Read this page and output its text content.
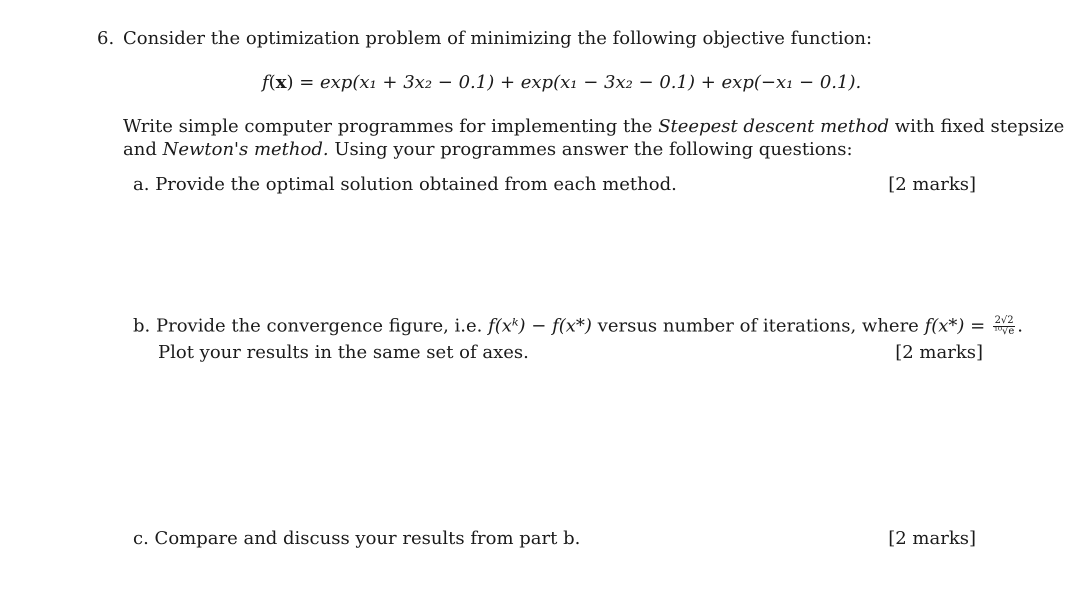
6. Consider the optimization problem of minimizing the following objective function:
f(x) = exp(x₁ + 3x₂ − 0.1) + exp(x₁ − 3x₂ − 0.1) + exp(−x₁ − 0.1).
Write simple computer programmes for implementing the Steepest descent method with fixed stepsize
and Newton's method. Using your programmes answer the following questions:
a. Provide the optimal solution obtained from each method.	[2 marks]
b. Provide the convergence figure, i.e. f(xᵏ) − f(x*) versus number of iterations, where $f(x*) = \frac{2√2}{\text{¹⁰√e}}$ .
Plot your results in the same set of axes.	[2 marks]
c. Compare and discuss your results from part b.	[2 marks]
